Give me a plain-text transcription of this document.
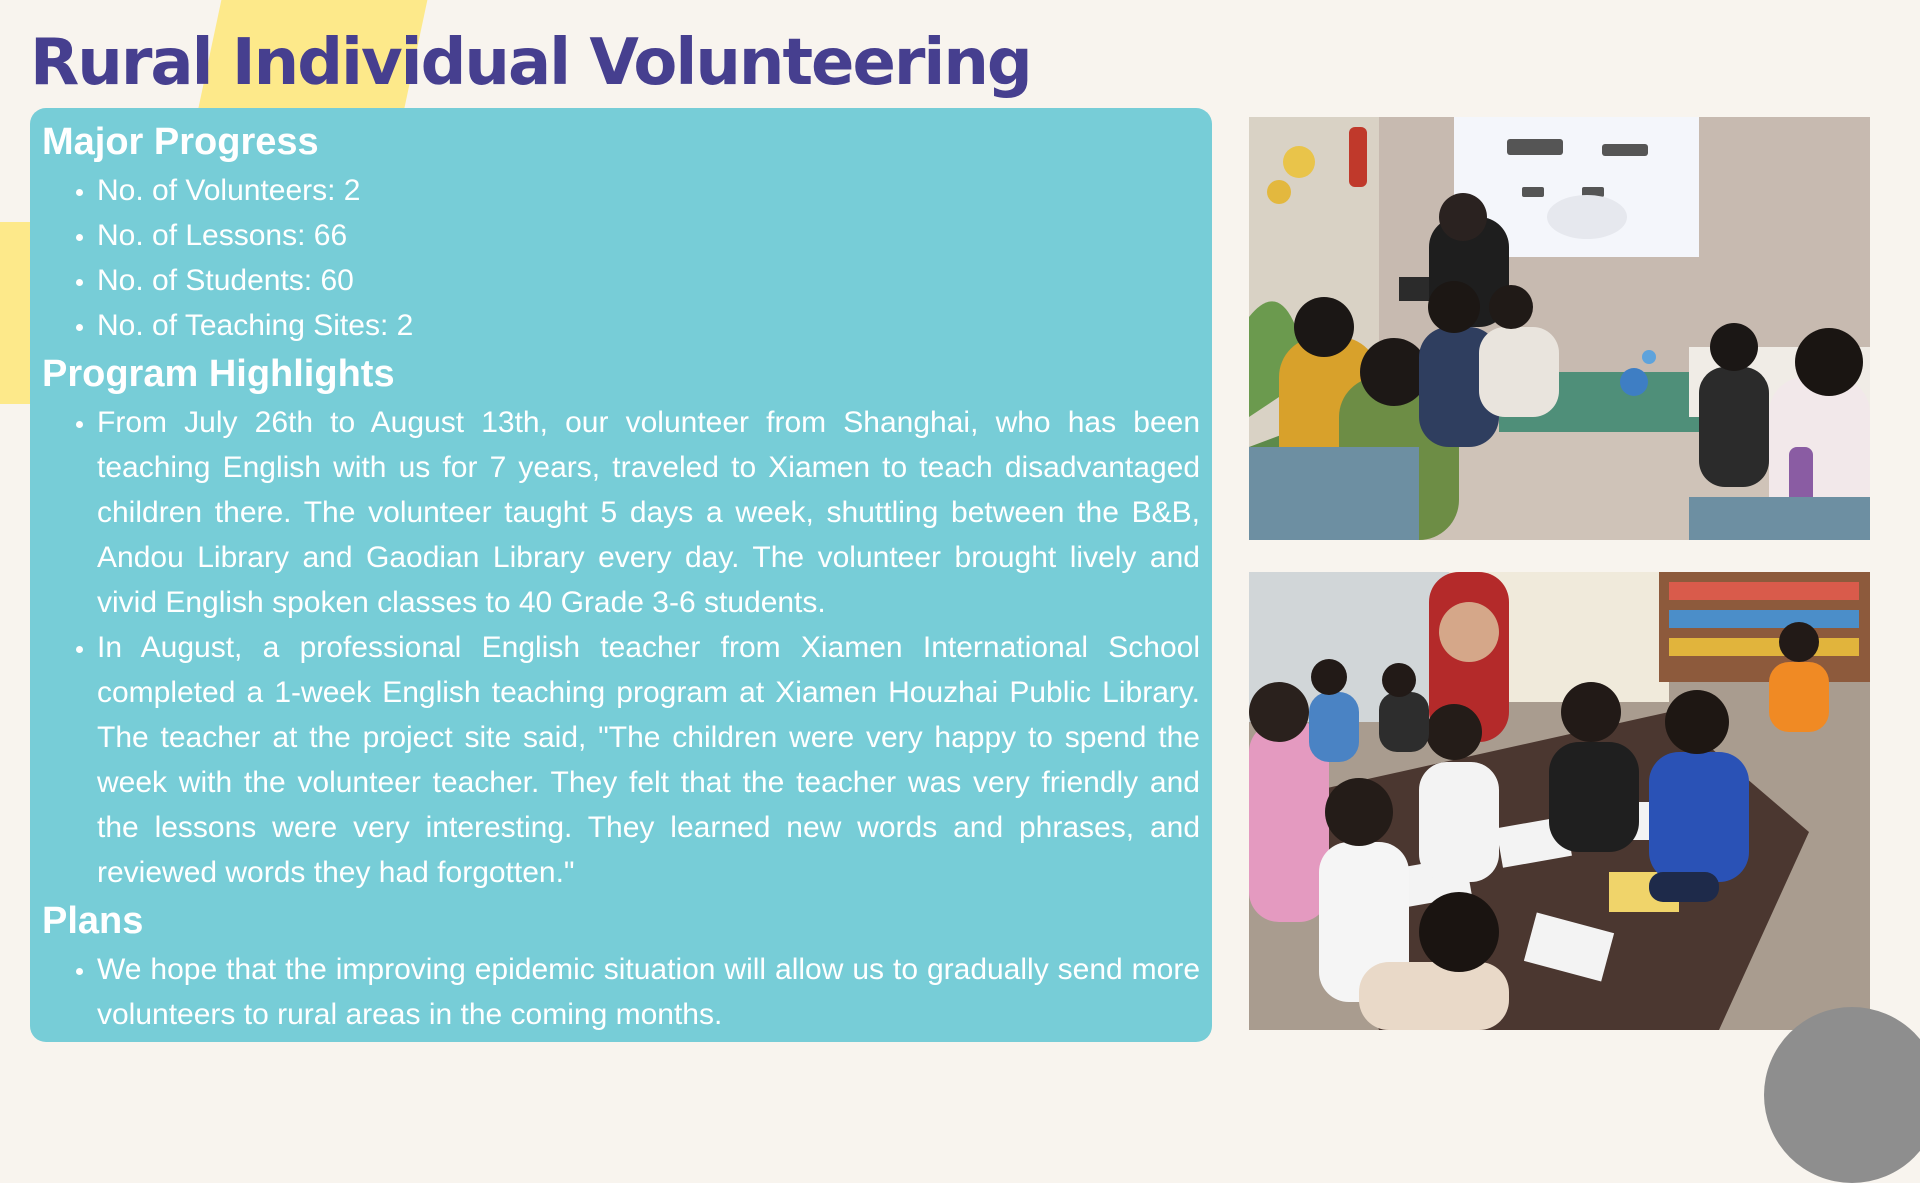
Rural Individual Volunteering
Major Progress
• No. of Volunteers: 2
• No. of Lessons: 66
• No. of Students: 60
• No. of Teaching Sites: 2
Program Highlights
• From July 26th to August 13th, our volunteer from Shanghai, who has been teaching English with us for 7 years, traveled to Xiamen to teach disadvantaged children there. The volunteer taught 5 days a week, shuttling between the B&B, Andou Library and Gaodian Library every day. The volunteer brought lively and vivid English spoken classes to 40 Grade 3-6 students.
• In August, a professional English teacher from Xiamen International School completed a 1-week English teaching program at Xiamen Houzhai Public Library. The teacher at the project site said, "The children were very happy to spend the week with the volunteer teacher. They felt that the teacher was very friendly and the lessons were very interesting. They learned new words and phrases, and reviewed words they had forgotten."
Plans
• We hope that the improving epidemic situation will allow us to gradually send more volunteers to rural areas in the coming months.
